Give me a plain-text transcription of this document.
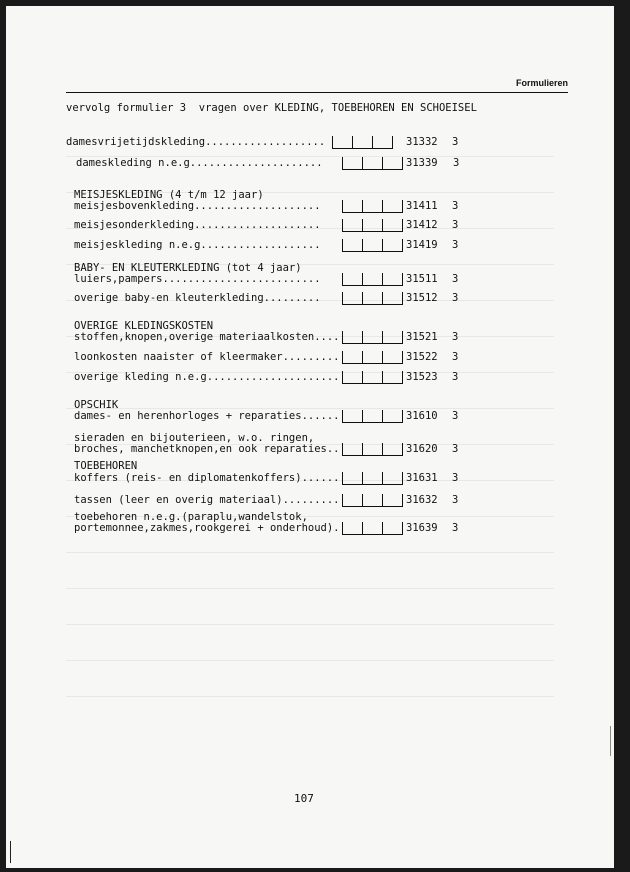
Formulieren
vervolg formulier 3  vragen over KLEDING, TOEBEHOREN EN SCHOEISEL
damesvrijetijdskleding...................	31332 3
dameskleding n.e.g.....................	31339 3
MEISJESKLEDING (4 t/m 12 jaar)
meisjesbovenkleding....................	31411 3
meisjesonderkleding....................	31412 3
meisjeskleding n.e.g...................	31419 3
BABY- EN KLEUTERKLEDING (tot 4 jaar)
luiers,pampers.........................	31511 3
overige baby-en kleuterkleding.........	31512 3
OVERIGE KLEDINGSKOSTEN
stoffen,knopen,overige materiaalkosten....	31521 3
loonkosten naaister of kleermaker.........	31522 3
overige kleding n.e.g.....................	31523 3
OPSCHIK
dames- en herenhorloges + reparaties......	31610 3
sieraden en bijouterieen, w.o. ringen,
broches, manchetknopen,en ook reparaties..	31620 3
TOEBEHOREN
koffers (reis- en diplomatenkoffers)......	31631 3
tassen (leer en overig materiaal).........	31632 3
toebehoren n.e.g.(paraplu,wandelstok,
portemonnee,zakmes,rookgerei + onderhoud).	31639 3
107
